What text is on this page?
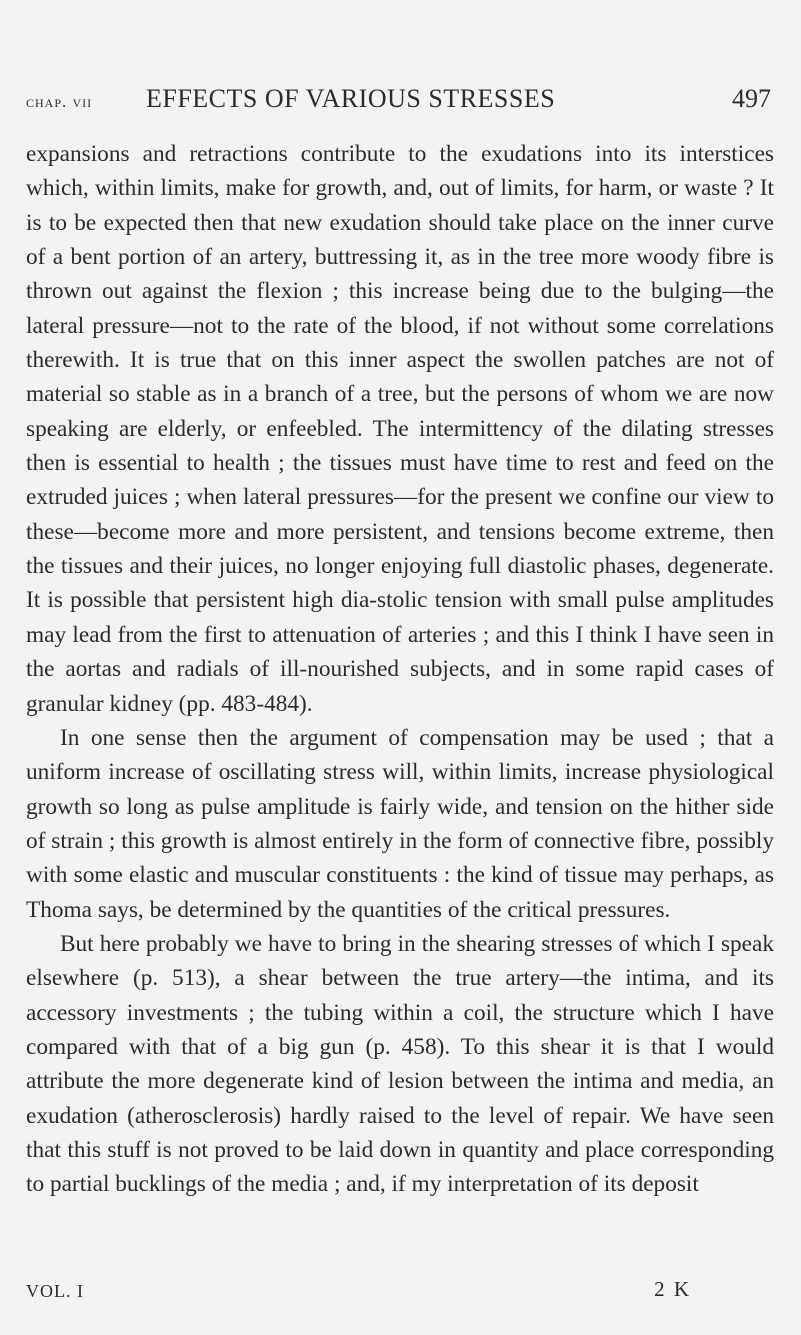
chap. vii EFFECTS OF VARIOUS STRESSES	497

expansions and retractions contribute to the exudations into its interstices which, within limits, make for growth, and, out of limits, for harm, or waste ? It is to be expected then that new exudation should take place on the inner curve of a bent portion of an artery, buttressing it, as in the tree more woody fibre is thrown out against the flexion ; this increase being due to the bulging—the lateral pressure—not to the rate of the blood, if not without some correlations therewith. It is true that on this inner aspect the swollen patches are not of material so stable as in a branch of a tree, but the persons of whom we are now speaking are elderly, or enfeebled. The intermittency of the dilating stresses then is essential to health ; the tissues must have time to rest and feed on the extruded juices ; when lateral pressures—for the present we confine our view to these—become more and more persistent, and tensions become extreme, then the tissues and their juices, no longer enjoying full diastolic phases, degenerate. It is possible that persistent high dia-stolic tension with small pulse amplitudes may lead from the first to attenuation of arteries ; and this I think I have seen in the aortas and radials of ill-nourished subjects, and in some rapid cases of granular kidney (pp. 483-484).

In one sense then the argument of compensation may be used ; that a uniform increase of oscillating stress will, within limits, increase physiological growth so long as pulse amplitude is fairly wide, and tension on the hither side of strain ; this growth is almost entirely in the form of connective fibre, possibly with some elastic and muscular constituents : the kind of tissue may perhaps, as Thoma says, be determined by the quantities of the critical pressures.

But here probably we have to bring in the shearing stresses of which I speak elsewhere (p. 513), a shear between the true artery—the intima, and its accessory investments ; the tubing within a coil, the structure which I have compared with that of a big gun (p. 458). To this shear it is that I would attribute the more degenerate kind of lesion between the intima and media, an exudation (atherosclerosis) hardly raised to the level of repair. We have seen that this stuff is not proved to be laid down in quantity and place corresponding to partial bucklings of the media ; and, if my interpretation of its deposit

VOL. I	2 K
